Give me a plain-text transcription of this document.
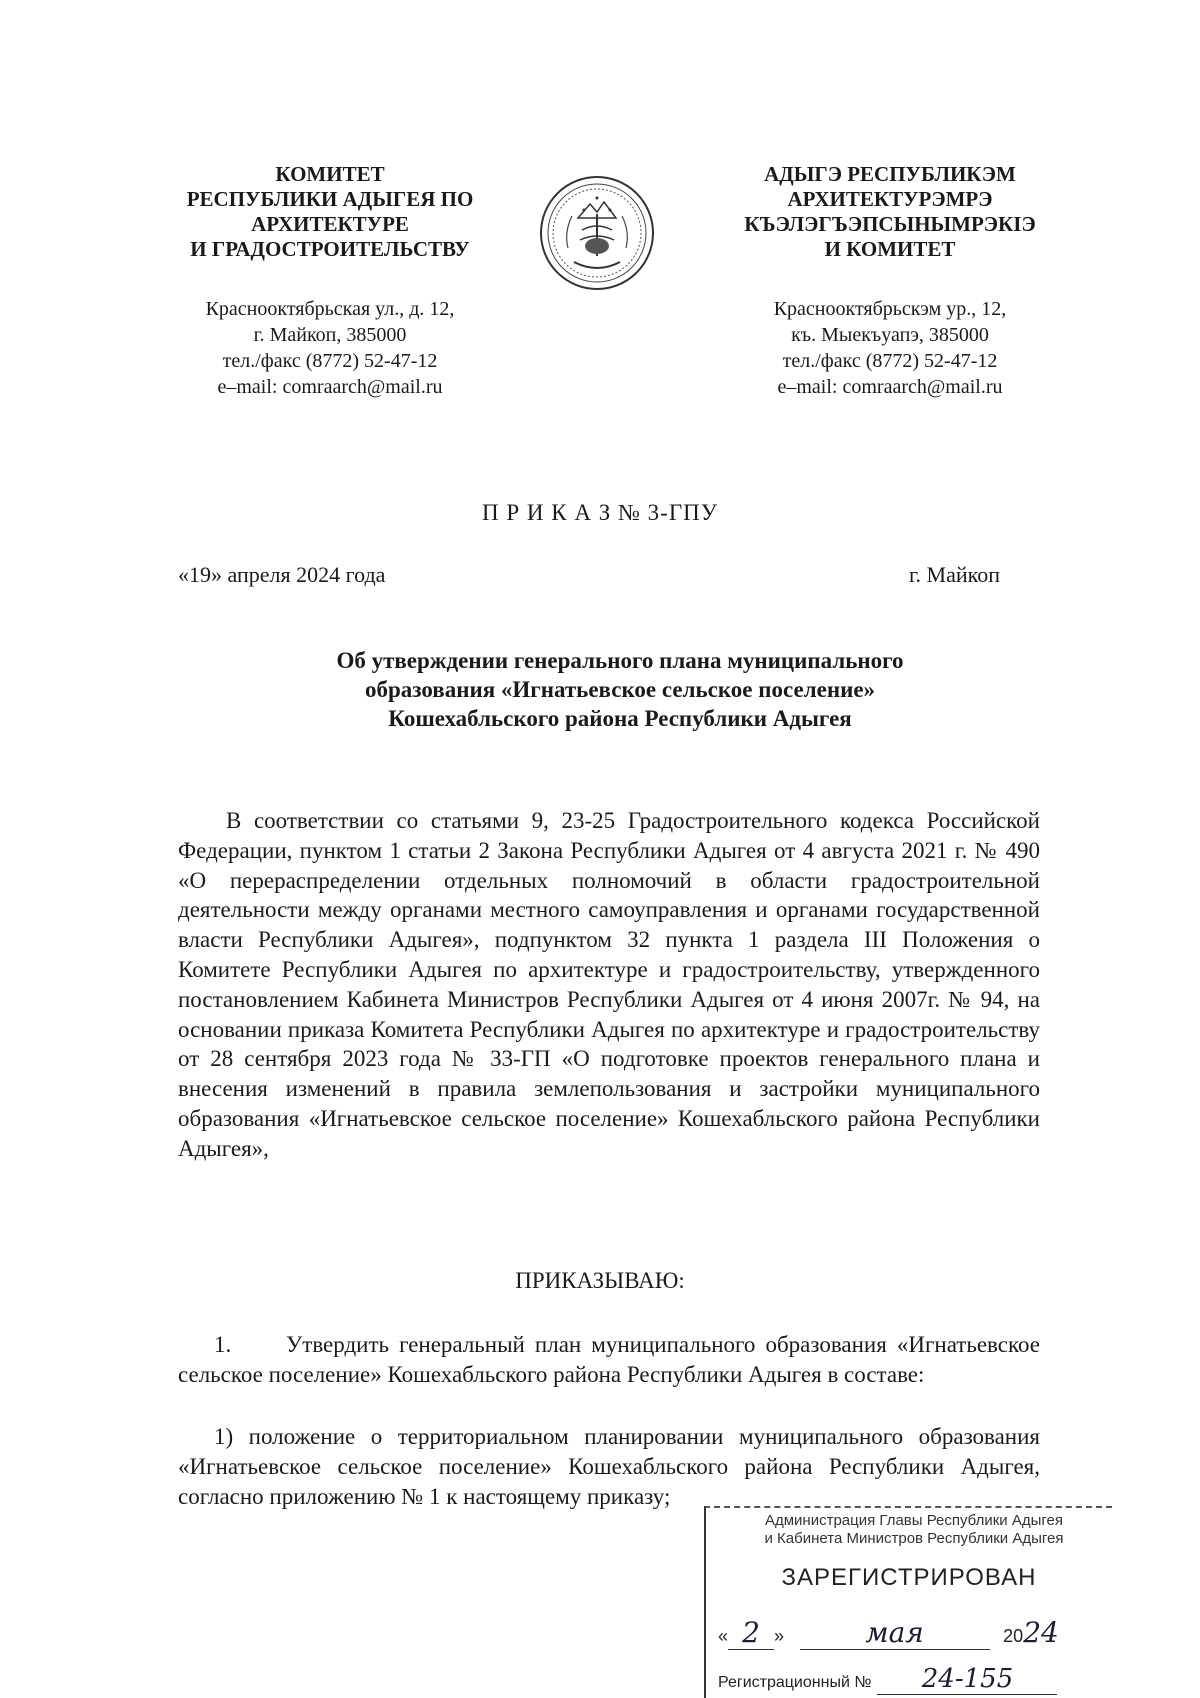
КОМИТЕТ
РЕСПУБЛИКИ АДЫГЕЯ ПО
АРХИТЕКТУРЕ
И ГРАДОСТРОИТЕЛЬСТВУ
Краснооктябрьская ул., д. 12,
г. Майкоп, 385000
тел./факс (8772) 52-47-12
e–mail: comraarch@mail.ru
АДЫГЭ РЕСПУБЛИКЭМ
АРХИТЕКТУРЭМРЭ
КЪЭЛЭГЪЭПСЫНЫМРЭКІЭ
И КОМИТЕТ
Краснооктябрьскэм ур., 12,
къ. Мыекъуапэ, 385000
тел./факс (8772) 52-47-12
e–mail: comraarch@mail.ru
П Р И К А З № 3-ГПУ
«19» апреля 2024 года	г. Майкоп
Об утверждении генерального плана муниципального
образования «Игнатьевское сельское поселение»
Кошехабльского района Республики Адыгея
В соответствии со статьями 9, 23-25 Градостроительного кодекса Российской Федерации, пунктом 1 статьи 2 Закона Республики Адыгея от 4 августа 2021 г. № 490 «О перераспределении отдельных полномочий в области градостроительной деятельности между органами местного самоуправления и органами государственной власти Республики Адыгея», подпунктом 32 пункта 1 раздела III Положения о Комитете Республики Адыгея по архитектуре и градостроительству, утвержденного постановлением Кабинета Министров Республики Адыгея от 4 июня 2007г. № 94, на основании приказа Комитета Республики Адыгея по архитектуре и градостроительству от 28 сентября 2023 года № 33-ГП «О подготовке проектов генерального плана и внесения изменений в правила землепользования и застройки муниципального образования «Игнатьевское сельское поселение» Кошехабльского района Республики Адыгея»,
ПРИКАЗЫВАЮ:
1. Утвердить генеральный план муниципального образования «Игнатьевское сельское поселение» Кошехабльского района Республики Адыгея в составе:
1) положение о территориальном планировании муниципального образования «Игнатьевское сельское поселение» Кошехабльского района Республики Адыгея, согласно приложению № 1 к настоящему приказу;
Администрация Главы Республики Адыгея
и Кабинета Министров Республики Адыгея
ЗАРЕГИСТРИРОВАН
« 2 »	мая	2024
Регистрационный № 24-155
